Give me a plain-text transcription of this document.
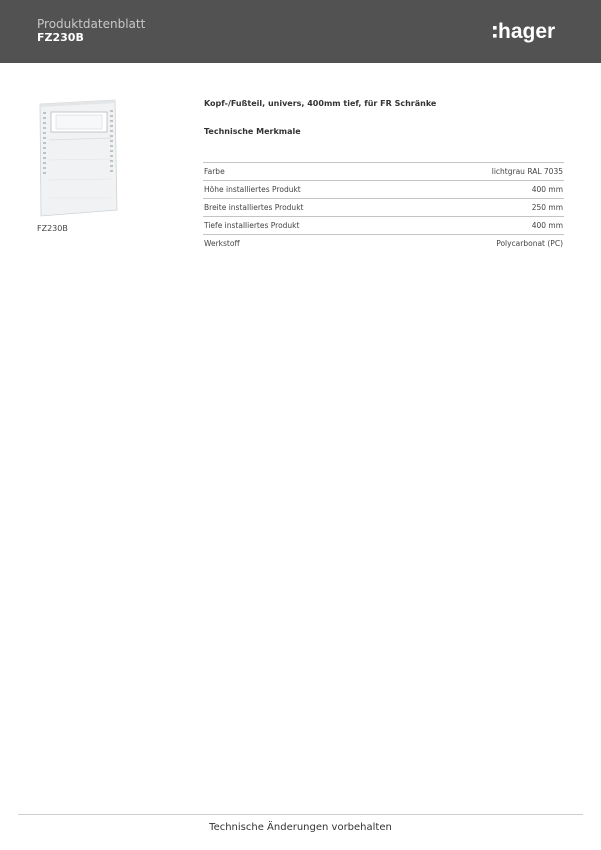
Produktdatenblatt
FZ230B	hager
FZ230B
Kopf-/Fußteil, univers, 400mm tief, für FR Schränke
Technische Merkmale
Farbe	lichtgrau RAL 7035
Höhe installiertes Produkt	400 mm
Breite installiertes Produkt	250 mm
Tiefe installiertes Produkt	400 mm
Werkstoff	Polycarbonat (PC)
Technische Änderungen vorbehalten
